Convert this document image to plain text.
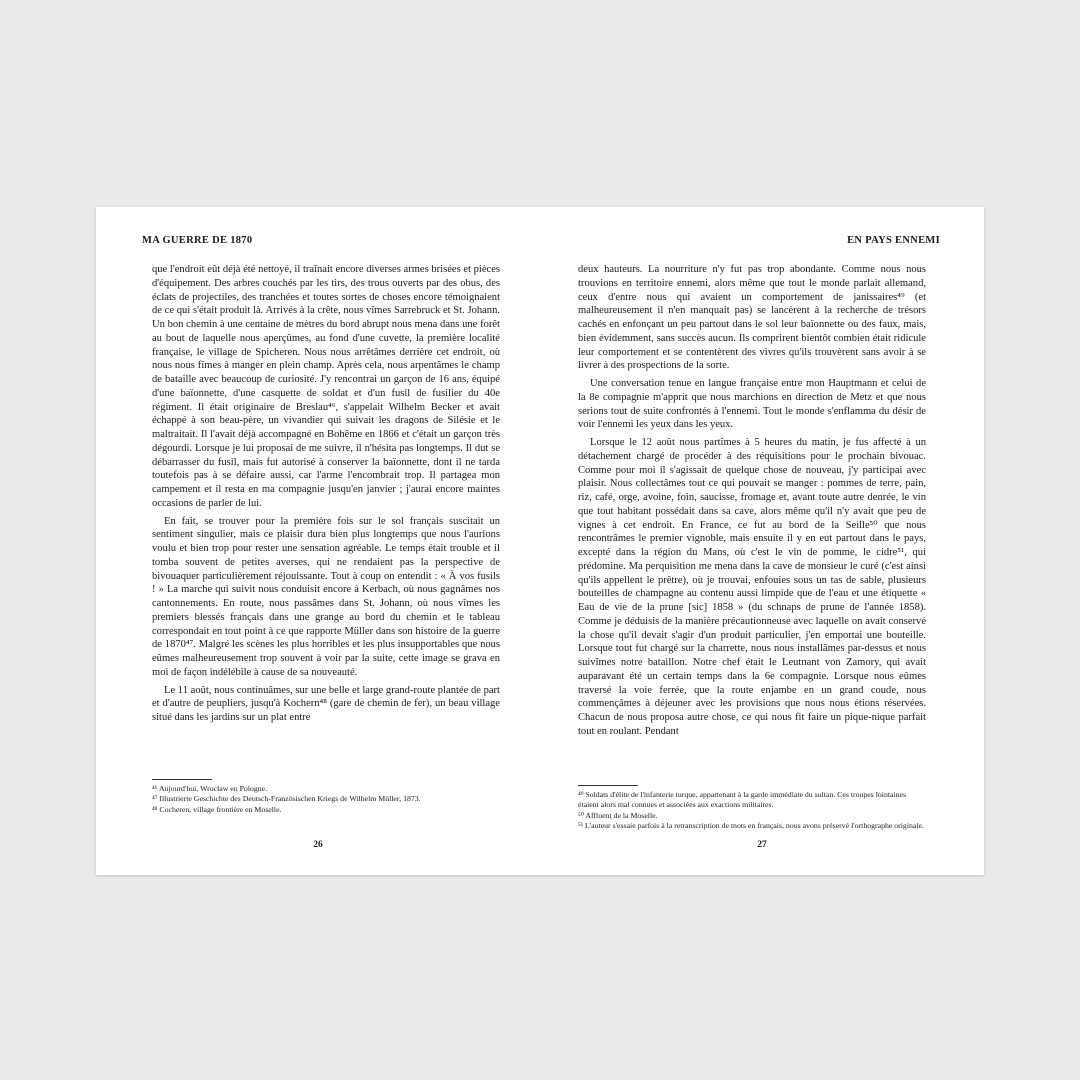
MA GUERRE DE 1870

que l'endroit eût déjà été nettoyé, il traînait encore diverses armes brisées et pièces d'équipement. Des arbres couchés par les tirs, des trous ouverts par des obus, des éclats de projectiles, des tranchées et toutes sortes de choses encore témoignaient de ce qui s'était produit là. Arrivés à la crête, nous vîmes Sarrebruck et St. Johann. Un bon chemin à une centaine de mètres du bord abrupt nous mena dans une forêt au bout de laquelle nous aperçûmes, au fond d'une cuvette, la première localité française, le village de Spicheren. Nous nous arrêtâmes derrière cet endroit, où nous nous fîmes à manger en plein champ. Après cela, nous arpentâmes le champ de bataille avec beaucoup de curiosité. J'y rencontrai un garçon de 16 ans, équipé d'une baïonnette, d'une casquette de soldat et d'un fusil de fusilier du 40e régiment. Il était originaire de Breslau⁴⁶, s'appelait Wilhelm Becker et avait échappé à son beau-père, un vivandier qui suivait les dragons de Silésie et le maltraitait. Il l'avait déjà accompagné en Bohême en 1866 et c'était un garçon très dégourdi. Lorsque je lui proposai de me suivre, il n'hésita pas longtemps. Il dut se débarrasser du fusil, mais fut autorisé à conserver la baïonnette, dont il ne tarda toutefois pas à se défaire aussi, car l'arme l'encombrait trop. Il partagea mon campement et il resta en ma compagnie jusqu'en janvier ; j'aurai encore maintes occasions de parler de lui.

En fait, se trouver pour la première fois sur le sol français suscitait un sentiment singulier, mais ce plaisir dura bien plus longtemps que nous l'aurions voulu et bien trop pour rester une sensation agréable. Le temps était trouble et il tomba souvent de petites averses, qui ne rendaient pas la perspective de bivouaquer particulièrement réjouissante. Tout à coup on entendit : « À vos fusils ! » La marche qui suivit nous conduisit encore à Kerbach, où nous gagnâmes nos cantonnements. En route, nous passâmes dans St. Johann, où nous vîmes les premiers blessés français dans une grange au bord du chemin et le tableau correspondait en tout point à ce que rapporte Müller dans son histoire de la guerre de 1870⁴⁷. Malgré les scènes les plus horribles et les plus insupportables que nous eûmes malheureusement trop souvent à voir par la suite, cette image se grava en moi de façon indélébile à cause de sa nouveauté.

Le 11 août, nous continuâmes, sur une belle et large grand-route plantée de part et d'autre de peupliers, jusqu'à Kochern⁴⁸ (gare de chemin de fer), un beau village situé dans les jardins sur un plat entre

⁴⁶ Aujourd'hui, Wrocław en Pologne.

⁴⁷ Illustrierte Geschichte des Deutsch-Französischen Kriegs de Wilhelm Müller, 1873.

⁴⁸ Cocheren, village frontière en Moselle.

26
EN PAYS ENNEMI

deux hauteurs. La nourriture n'y fut pas trop abondante. Comme nous nous trouvions en territoire ennemi, alors même que tout le monde parlait allemand, ceux d'entre nous qui avaient un comportement de janissaires⁴⁹ (et malheureusement il n'en manquait pas) se lancèrent à la recherche de trésors cachés en enfonçant un peu partout dans le sol leur baïonnette ou des faux, mais, bien évidemment, sans succès aucun. Ils comprirent bientôt combien était ridicule leur comportement et se contentèrent des vivres qu'ils trouvèrent sans avoir à se livrer à des prospections de la sorte.

Une conversation tenue en langue française entre mon Hauptmann et celui de la 8e compagnie m'apprit que nous marchions en direction de Metz et que nous serions tout de suite confrontés à l'ennemi. Tout le monde s'enflamma du désir de voir l'ennemi les yeux dans les yeux.

Lorsque le 12 août nous partîmes à 5 heures du matin, je fus affecté à un détachement chargé de procéder à des réquisitions pour le prochain bivouac. Comme pour moi il s'agissait de quelque chose de nouveau, j'y participai avec plaisir. Nous collectâmes tout ce qui pouvait se manger : pommes de terre, pain, riz, café, orge, avoine, foin, saucisse, fromage et, avant toute autre denrée, le vin que tout habitant possédait dans sa cave, alors même qu'il n'y avait que peu de vignes à cet endroit. En France, ce fut au bord de la Seille⁵⁰ que nous rencontrâmes le premier vignoble, mais ensuite il y en eut partout dans le pays, excepté dans la région du Mans, où c'est le vin de pomme, le cidre⁵¹, qui prédomine. Ma perquisition me mena dans la cave de monsieur le curé (c'est ainsi qu'ils appellent le prêtre), où je trouvai, enfouies sous un tas de sable, plusieurs bouteilles de champagne au contenu aussi limpide que de l'eau et une étiquette « Eau de vie de la prune [sic] 1858 » (du schnaps de prune de l'année 1858). Comme je déduisis de la manière précautionneuse avec laquelle on avait conservé la chose qu'il devait s'agir d'un produit particulier, j'en emportai une bouteille. Lorsque tout fut chargé sur la charrette, nous nous installâmes par-dessus et nous suivîmes notre bataillon. Notre chef était le Leutnant von Zamory, qui avait auparavant été un certain temps dans la 6e compagnie. Lorsque nous eûmes traversé la voie ferrée, que la route enjambe en un grand coude, nous commençâmes à déjeuner avec les provisions que nous nous étions réservées. Chacun de nous proposa autre chose, ce qui nous fit faire un pique-nique parfait tout en roulant. Pendant

⁴⁹ Soldats d'élite de l'infanterie turque, appartenant à la garde immédiate du sultan. Ces troupes lointaines étaient alors mal connues et associées aux exactions militaires.

⁵⁰ Affluent de la Moselle.

⁵¹ L'auteur s'essaie parfois à la retranscription de mots en français, nous avons préservé l'orthographe originale.

27
